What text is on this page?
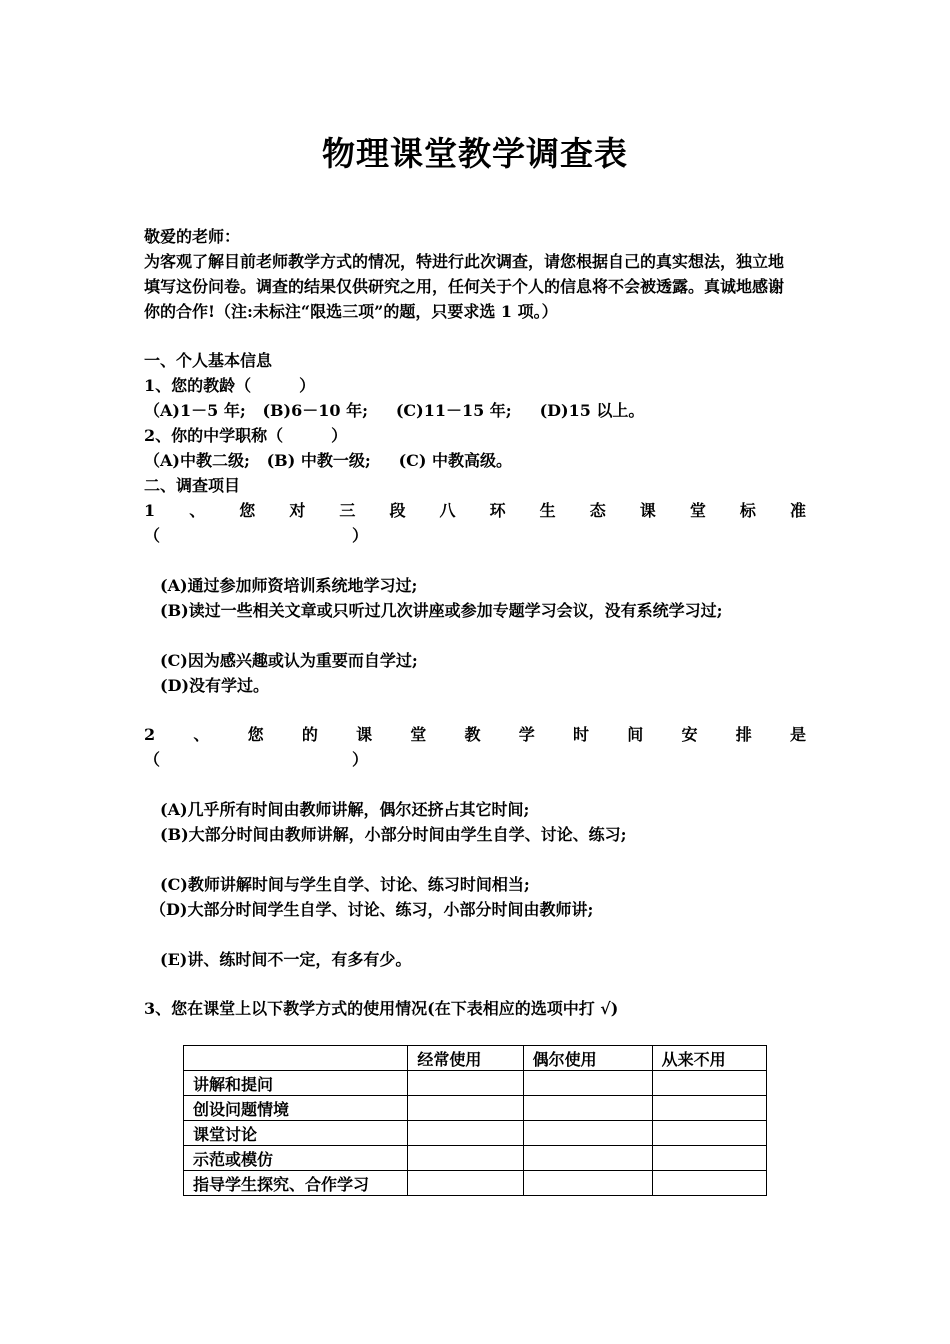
物理课堂教学调查表
敬爱的老师：
为客观了解目前老师教学方式的情况，特进行此次调查，请您根据自己的真实想法，独立地
填写这份问卷。调查的结果仅供研究之用，任何关于个人的信息将不会被透露。真诚地感谢
你的合作!（注:未标注“限选三项”的题，只要求选 1 项。）
一、个人基本信息
1、您的教龄（　　　）
（A)1－5 年;   (B)6－10 年;     (C)11－15 年;     (D)15 以上。
2、你的中学职称（　　　）
（A)中教二级;   (B) 中教一级;     (C) 中教高级。
二、调查项目
1 、 您 对 三 段 八 环 生 态 课 堂 标 准
（　　　　　　　　　　　　）
(A)通过参加师资培训系统地学习过;
(B)读过一些相关文章或只听过几次讲座或参加专题学习会议，没有系统学习过;
(C)因为感兴趣或认为重要而自学过;
(D)没有学过。
2 、 您 的 课 堂 教 学 时 间 安 排 是
（　　　　　　　　　　　　）
(A)几乎所有时间由教师讲解，偶尔还挤占其它时间;
(B)大部分时间由教师讲解，小部分时间由学生自学、讨论、练习;
(C)教师讲解时间与学生自学、讨论、练习时间相当;
（D)大部分时间学生自学、讨论、练习，小部分时间由教师讲;
(E)讲、练时间不一定，有多有少。
3、您在课堂上以下教学方式的使用情况(在下表相应的选项中打 √)
	经常使用	偶尔使用	从来不用
讲解和提问			
创设问题情境			
课堂讨论			
示范或模仿			
指导学生探究、合作学习			
